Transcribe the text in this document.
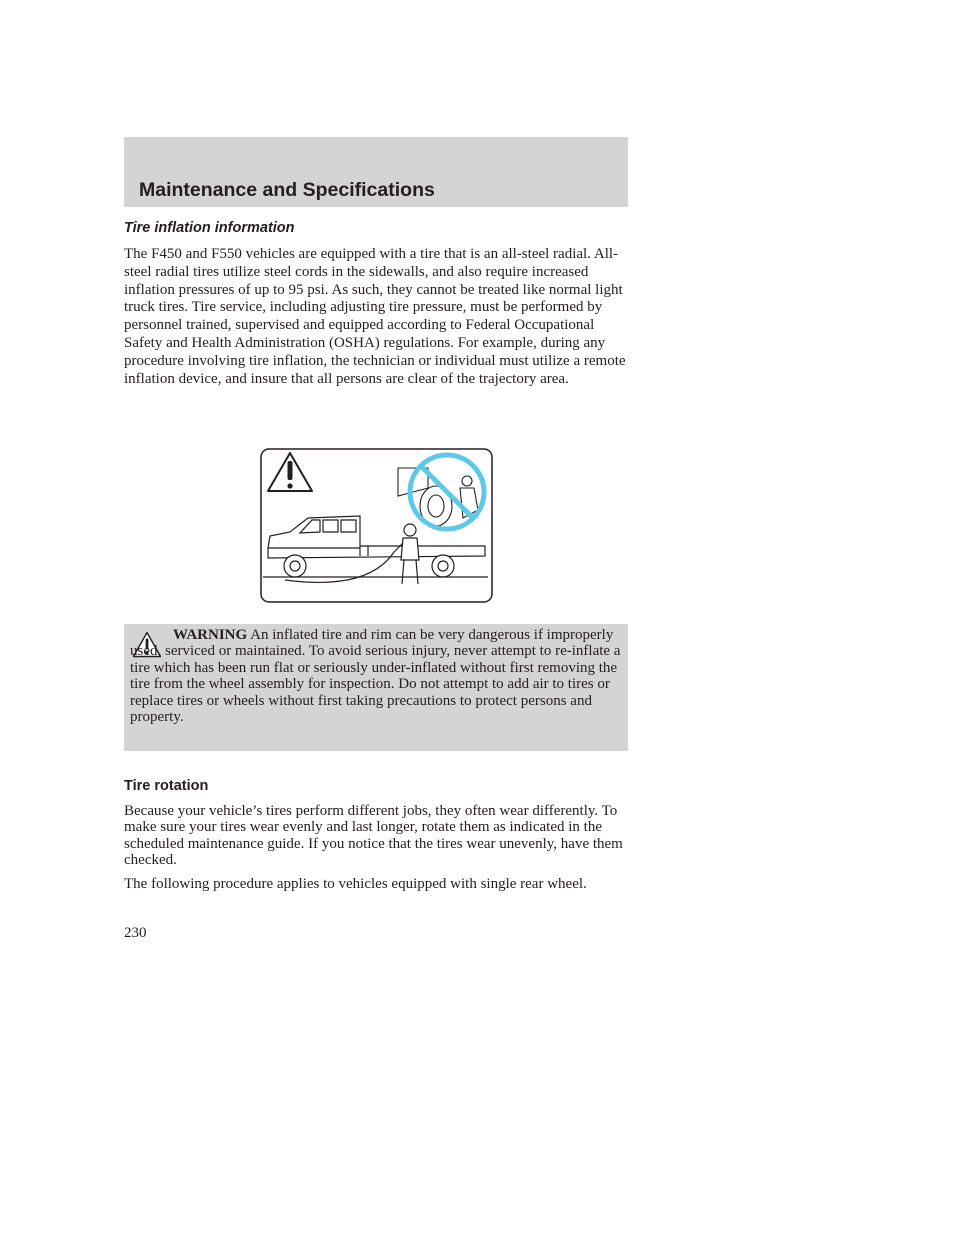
Maintenance and Specifications
Tire inflation information

The F450 and F550 vehicles are equipped with a tire that is an all-steel radial. All-steel radial tires utilize steel cords in the sidewalls, and also require increased inflation pressures of up to 95 psi. As such, they cannot be treated like normal light truck tires. Tire service, including adjusting tire pressure, must be performed by personnel trained, supervised and equipped according to Federal Occupational Safety and Health Administration (OSHA) regulations. For example, during any procedure involving tire inflation, the technician or individual must utilize a remote inflation device, and insure that all persons are clear of the trajectory area.

WARNING An inflated tire and rim can be very dangerous if improperly used, serviced or maintained. To avoid serious injury, never attempt to re-inflate a tire which has been run flat or seriously under-inflated without first removing the tire from the wheel assembly for inspection. Do not attempt to add air to tires or replace tires or wheels without first taking precautions to protect persons and property.

Tire rotation

Because your vehicle’s tires perform different jobs, they often wear differently. To make sure your tires wear evenly and last longer, rotate them as indicated in the scheduled maintenance guide. If you notice that the tires wear unevenly, have them checked.

The following procedure applies to vehicles equipped with single rear wheel.

230
